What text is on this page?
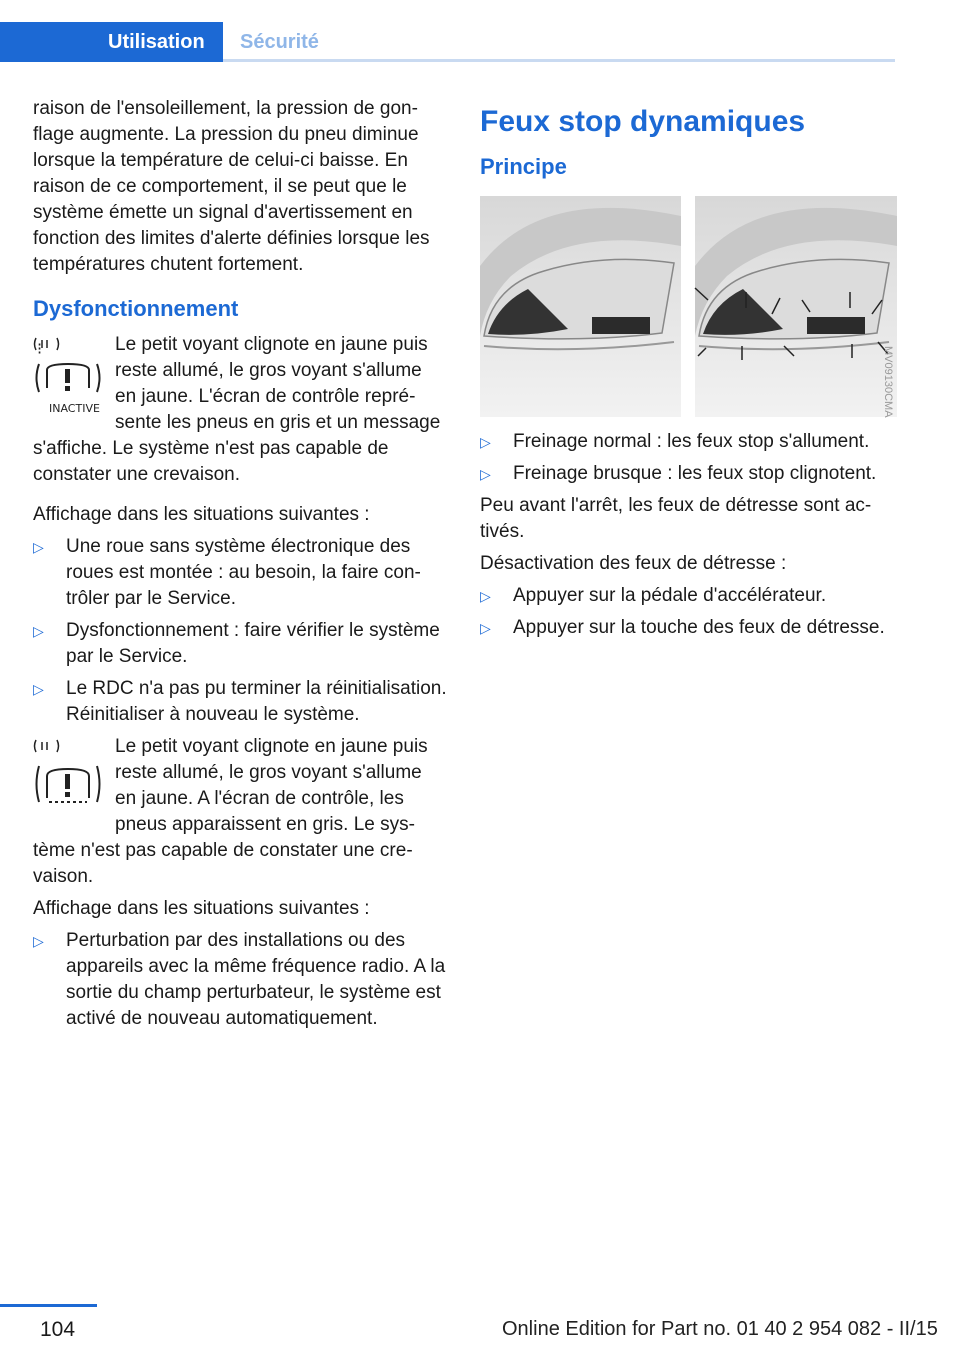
Utilisation Sécurité

raison de l'ensoleillement, la pression de gonflage augmente. La pression du pneu diminue lorsque la température de celui-ci baisse. En raison de ce comportement, il se peut que le système émette un signal d'avertissement en fonction des limites d'alerte définies lorsque les températures chutent fortement.

Dysfonctionnement
⁝
INACTIVE

Le petit voyant clignote en jaune puis reste allumé, le gros voyant s'allume en jaune. L'écran de contrôle représente les pneus en gris et un message s'affiche. Le système n'est pas capable de constater une crevaison.

Affichage dans les situations suivantes :

▷ Une roue sans système électronique des roues est montée : au besoin, la faire contrôler par le Service.
▷ Dysfonctionnement : faire vérifier le système par le Service.
▷ Le RDC n'a pas pu terminer la réinitialisation. Réinitialiser à nouveau le système.

Le petit voyant clignote en jaune puis reste allumé, le gros voyant s'allume en jaune. A l'écran de contrôle, les pneus apparaissent en gris. Le système n'est pas capable de constater une crevaison.

Affichage dans les situations suivantes :

▷ Perturbation par des installations ou des appareils avec la même fréquence radio. A la sortie du champ perturbateur, le système est activé de nouveau automatiquement.
Feux stop dynamiques
Principe
MV09130CMA
▷ Freinage normal : les feux stop s'allument.
▷ Freinage brusque : les feux stop clignotent.

Peu avant l'arrêt, les feux de détresse sont activés.

Désactivation des feux de détresse :

▷ Appuyer sur la pédale d'accélérateur.
▷ Appuyer sur la touche des feux de détresse.
104	Online Edition for Part no. 01 40 2 954 082 - II/15
